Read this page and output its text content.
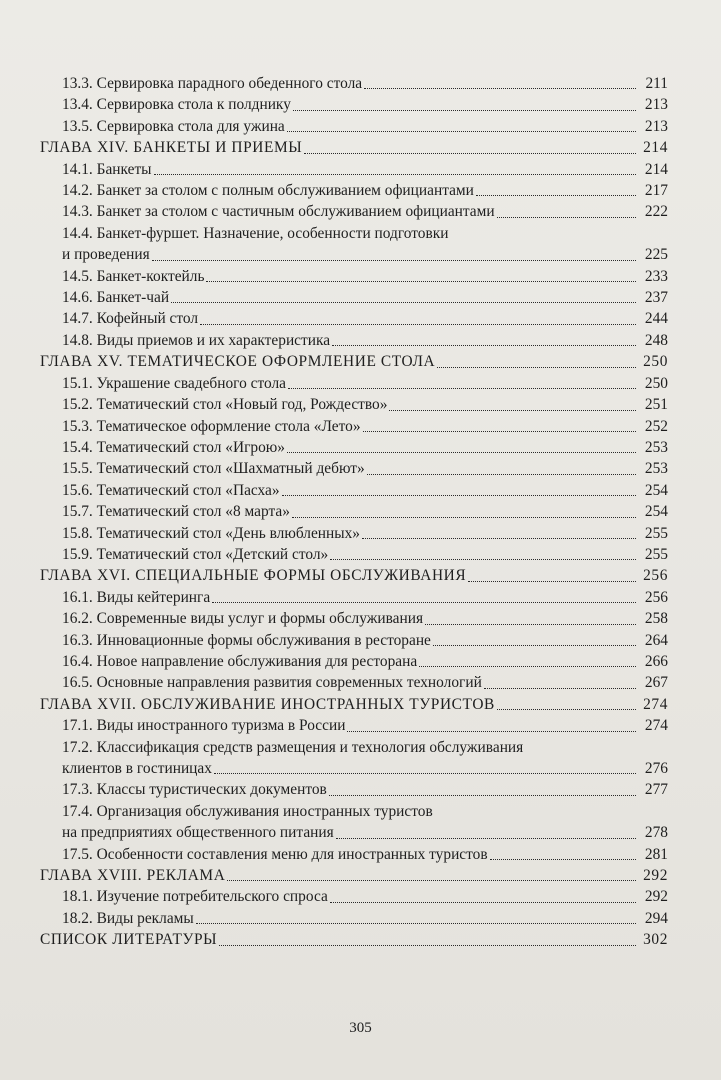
13.3. Сервировка парадного обеденного стола	211
13.4. Сервировка стола к полднику	213
13.5. Сервировка стола для ужина	213
ГЛАВА XIV. БАНКЕТЫ И ПРИЕМЫ	214
14.1. Банкеты	214
14.2. Банкет за столом с полным обслуживанием официантами	217
14.3. Банкет за столом с частичным обслуживанием официантами	222
14.4. Банкет-фуршет. Назначение, особенности подготовки
и проведения	225
14.5. Банкет-коктейль	233
14.6. Банкет-чай	237
14.7. Кофейный стол	244
14.8. Виды приемов и их характеристика	248
ГЛАВА XV. ТЕМАТИЧЕСКОЕ ОФОРМЛЕНИЕ СТОЛА	250
15.1. Украшение свадебного стола	250
15.2. Тематический стол «Новый год, Рождество»	251
15.3. Тематическое оформление стола «Лето»	252
15.4. Тематический стол «Игрою»	253
15.5. Тематический стол «Шахматный дебют»	253
15.6. Тематический стол «Пасха»	254
15.7. Тематический стол «8 марта»	254
15.8. Тематический стол «День влюбленных»	255
15.9. Тематический стол «Детский стол»	255
ГЛАВА XVI. СПЕЦИАЛЬНЫЕ ФОРМЫ ОБСЛУЖИВАНИЯ	256
16.1. Виды кейтеринга	256
16.2. Современные виды услуг и формы обслуживания	258
16.3. Инновационные формы обслуживания в ресторане	264
16.4. Новое направление обслуживания для ресторана	266
16.5. Основные направления развития современных технологий	267
ГЛАВА XVII. ОБСЛУЖИВАНИЕ ИНОСТРАННЫХ ТУРИСТОВ	274
17.1. Виды иностранного туризма в России	274
17.2. Классификация средств размещения и технология обслуживания
клиентов в гостиницах	276
17.3. Классы туристических документов	277
17.4. Организация обслуживания иностранных туристов
на предприятиях общественного питания	278
17.5. Особенности составления меню для иностранных туристов	281
ГЛАВА XVIII. РЕКЛАМА	292
18.1. Изучение потребительского спроса	292
18.2. Виды рекламы	294
СПИСОК ЛИТЕРАТУРЫ	302
305
